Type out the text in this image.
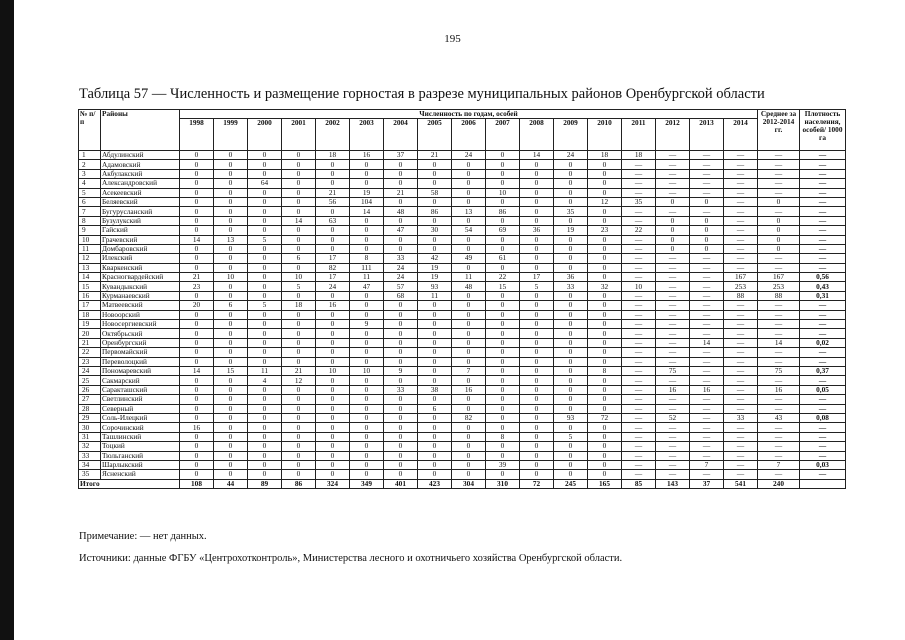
195
Таблица 57 — Численность и размещение горностая в разрезе муниципальных районов Оренбургской области
№ п/п	Районы	Численность по годам, особей																	Среднее за 2012-2014 гг.	Плотность населения, особей/ 1000 га
		1998	1999	2000	2001	2002	2003	2004	2005	2006	2007	2008	2009	2010	2011	2012	2013	2014		
1	Абдулинский	0	0	0	0	18	16	37	21	24	0	14	24	18	18	—	—	—	—	—
2	Адамовский	0	0	0	0	0	0	0	0	0	0	0	0	0	—	—	—	—	—	—
3	Акбулакский	0	0	0	0	0	0	0	0	0	0	0	0	0	—	—	—	—	—	—
4	Александровский	0	0	64	0	0	0	0	0	0	0	0	0	0	—	—	—	—	—	—
5	Асекеевский	0	0	0	0	21	19	21	58	0	10	0	0	0	—	—	—	—	—	—
6	Беляевский	0	0	0	0	56	104	0	0	0	0	0	0	12	35	0	0	—	0	—
7	Бугурусланский	0	0	0	0	0	14	48	86	13	86	0	35	0	—	—	—	—	—	—
8	Бузулукский	0	0	0	14	63	0	0	0	0	0	0	0	0	—	0	0	—	0	—
9	Гайский	0	0	0	0	0	0	47	30	54	69	36	19	23	22	0	0	—	0	—
10	Грачевский	14	13	5	0	0	0	0	0	0	0	0	0	0	—	0	0	—	0	—
11	Домбаровский	0	0	0	0	0	0	0	0	0	0	0	0	0	—	0	0	—	0	—
12	Илекский	0	0	0	6	17	8	33	42	49	61	0	0	0	—	—	—	—	—	—
13	Кваркенский	0	0	0	0	82	111	24	19	0	0	0	0	0	—	—	—	—	—	—
14	Красногвардейский	21	10	0	10	17	11	24	19	11	22	17	36	0	—	—	—	167	167	0,56
15	Кувандыкский	23	0	0	5	24	47	57	93	48	15	5	33	32	10	—	—	253	253	0,43
16	Курманаевский	0	0	0	0	0	0	68	11	0	0	0	0	0	—	—	—	88	88	0,31
17	Матвеевский	20	6	5	18	16	0	0	0	0	0	0	0	0	—	—	—	—	—	—
18	Новоорский	0	0	0	0	0	0	0	0	0	0	0	0	0	—	—	—	—	—	—
19	Новосергиевский	0	0	0	0	0	9	0	0	0	0	0	0	0	—	—	—	—	—	—
20	Октябрьский	0	0	0	0	0	0	0	0	0	0	0	0	0	—	—	—	—	—	—
21	Оренбургский	0	0	0	0	0	0	0	0	0	0	0	0	0	—	—	14	—	14	0,02
22	Первомайский	0	0	0	0	0	0	0	0	0	0	0	0	0	—	—	—	—	—	—
23	Переволоцкий	0	0	0	0	0	0	0	0	0	0	0	0	0	—	—	—	—	—	—
24	Пономаревский	14	15	11	21	10	10	9	0	7	0	0	0	8	—	75	—	—	75	0,37
25	Сакмарский	0	0	4	12	0	0	0	0	0	0	0	0	0	—	—	—	—	—	—
26	Саракташский	0	0	0	0	0	0	33	38	16	0	0	0	0	—	16	16	—	16	0,05
27	Светлинский	0	0	0	0	0	0	0	0	0	0	0	0	0	—	—	—	—	—	—
28	Северный	0	0	0	0	0	0	0	6	0	0	0	0	0	—	—	—	—	—	—
29	Соль-Илецкий	0	0	0	0	0	0	0	0	82	0	0	93	72	—	52	—	33	43	0,08
30	Сорочинский	16	0	0	0	0	0	0	0	0	0	0	0	0	—	—	—	—	—	—
31	Ташлинский	0	0	0	0	0	0	0	0	0	8	0	5	0	—	—	—	—	—	—
32	Тоцкий	0	0	0	0	0	0	0	0	0	0	0	0	0	—	—	—	—	—	—
33	Тюльганский	0	0	0	0	0	0	0	0	0	0	0	0	0	—	—	—	—	—	—
34	Шарлыкский	0	0	0	0	0	0	0	0	0	39	0	0	0	—	—	7	—	7	0,03
35	Ясненский	0	0	0	0	0	0	0	0	0	0	0	0	0	—	—	—	—	—	—
Итого		108	44	89	86	324	349	401	423	304	310	72	245	165	85	143	37	541	240	
Примечание: — нет данных.
Источники: данные ФГБУ «Центрохотконтроль», Министерства лесного и охотничьего хозяйства Оренбургской области.
